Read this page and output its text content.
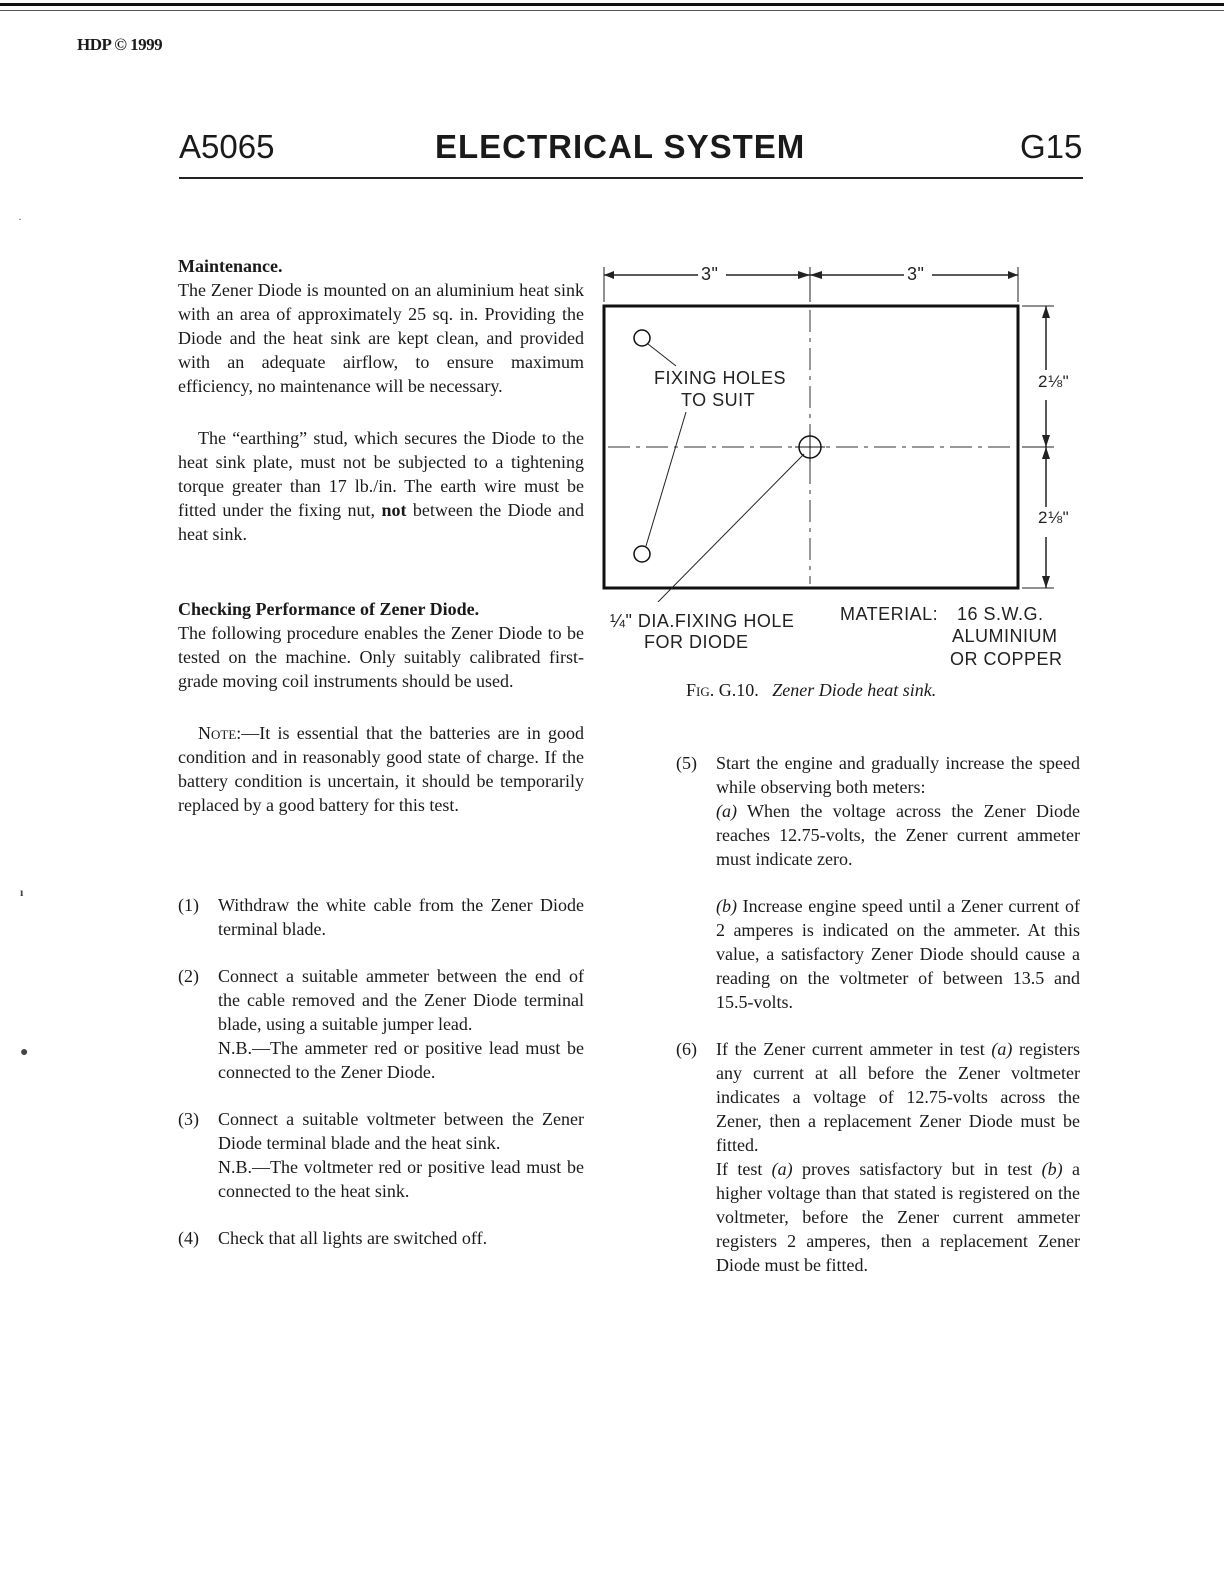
HDP © 1999
A5065	ELECTRICAL SYSTEM	G15

Maintenance.

The Zener Diode is mounted on an aluminium heat sink with an area of approximately 25 sq. in. Providing the Diode and the heat sink are kept clean, and provided with an adequate airflow, to ensure maximum efficiency, no maintenance will be necessary.

The “earthing” stud, which secures the Diode to the heat sink plate, must not be subjected to a tightening torque greater than 17 lb./in. The earth wire must be fitted under the fixing nut, not between the Diode and heat sink.

Checking Performance of Zener Diode.

The following procedure enables the Zener Diode to be tested on the machine. Only suitably calibrated first-grade moving coil instruments should be used.

Note:—It is essential that the batteries are in good condition and in reasonably good state of charge. If the battery condition is uncertain, it should be temporarily replaced by a good battery for this test.

(1) Withdraw the white cable from the Zener Diode terminal blade.

(2) Connect a suitable ammeter between the end of the cable removed and the Zener Diode terminal blade, using a suitable jumper lead.

N.B.—The ammeter red or positive lead must be connected to the Zener Diode.

(3) Connect a suitable voltmeter between the Zener Diode terminal blade and the heat sink.

N.B.—The voltmeter red or positive lead must be connected to the heat sink.

(4) Check that all lights are switched off.

(5) Start the engine and gradually increase the speed while observing both meters:

(a) When the voltage across the Zener Diode reaches 12.75-volts, the Zener current ammeter must indicate zero.

(b) Increase engine speed until a Zener current of 2 amperes is indicated on the ammeter. At this value, a satisfactory Zener Diode should cause a reading on the voltmeter of between 13.5 and 15.5-volts.

(6) If the Zener current ammeter in test (a) registers any current at all before the Zener voltmeter indicates a voltage of 12.75-volts across the Zener, then a replacement Zener Diode must be fitted.

If test (a) proves satisfactory but in test (b) a higher voltage than that stated is registered on the voltmeter, before the Zener current ammeter registers 2 amperes, then a replacement Zener Diode must be fitted.

3"	3"
2⅛"
2⅛"
FIXING HOLES
TO SUIT
¼" DIA.FIXING HOLE
FOR DIODE
MATERIAL: 16 S.W.G.
ALUMINIUM
OR COPPER
Fig. G.10. Zener Diode heat sink.
·
ı
●
